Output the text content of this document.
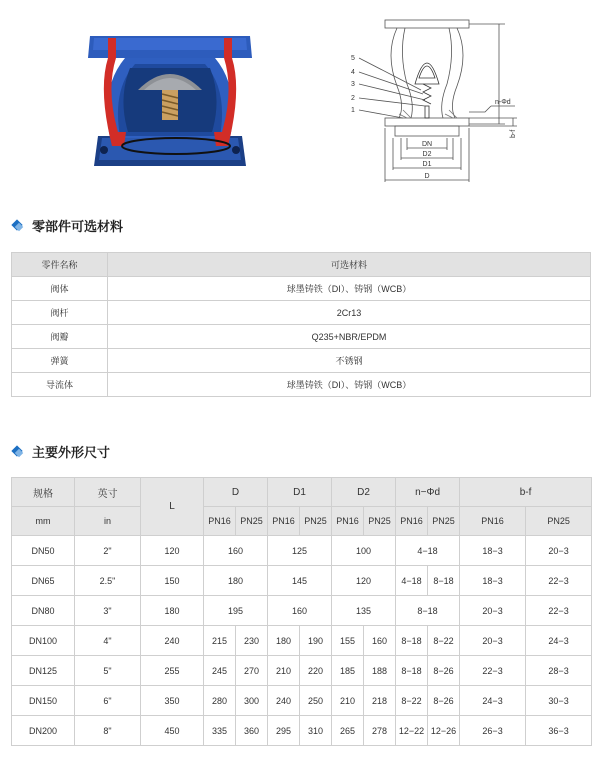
5
4
3
2
1
n-Φd
b-f
DN
D2
D1
D
零部件可选材料
零件名称	可选材料
阀体	球墨铸铁（DI）、铸钢（WCB）
阀杆	2Cr13
阀瓣	Q235+NBR/EPDM
弹簧	不锈钢
导流体	球墨铸铁（DI）、铸钢（WCB）
主要外形尺寸
规格	英寸	L	D		D1		D2		n−Φd		b-f	
mm	in		PN16	PN25	PN16	PN25	PN16	PN25	PN16	PN25	PN16	PN25
DN50	2"	120	160		125		100		4−18		18−3	20−3
DN65	2.5"	150	180		145		120		4−18	8−18	18−3	22−3
DN80	3"	180	195		160		135		8−18		20−3	22−3
DN100	4"	240	215	230	180	190	155	160	8−18	8−22	20−3	24−3
DN125	5"	255	245	270	210	220	185	188	8−18	8−26	22−3	28−3
DN150	6"	350	280	300	240	250	210	218	8−22	8−26	24−3	30−3
DN200	8"	450	335	360	295	310	265	278	12−22	12−26	26−3	36−3
